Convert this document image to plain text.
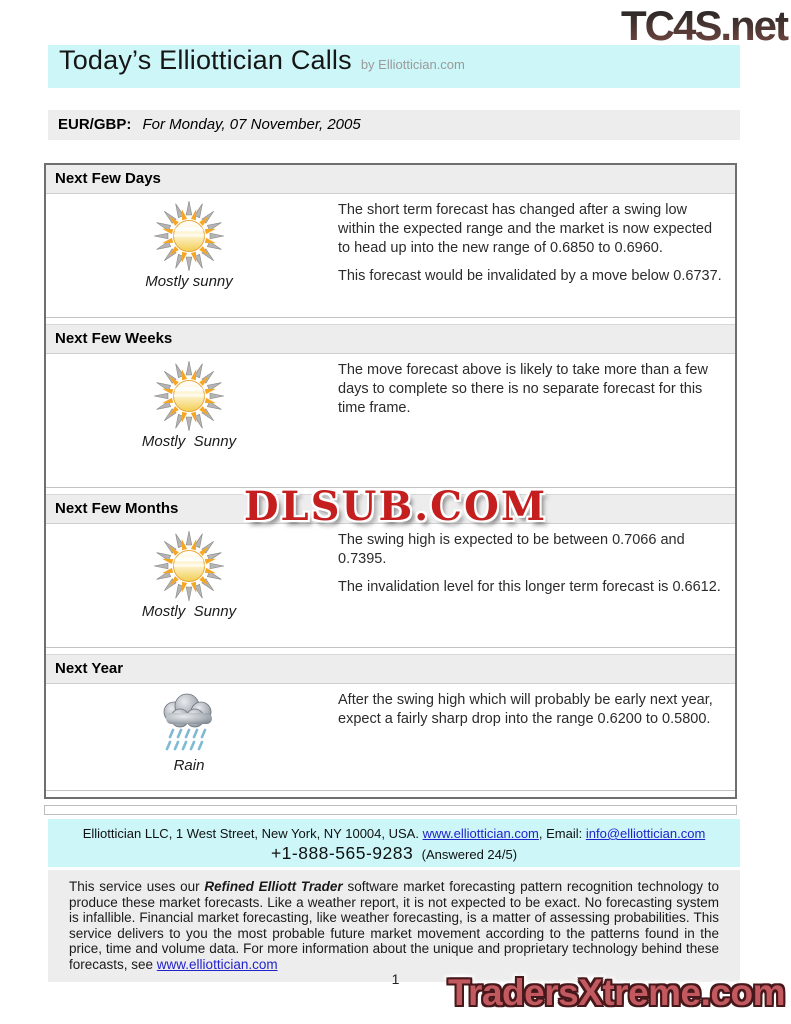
TC4S.net
Today’s Elliottician Calls by Elliottician.com
EUR/GBP: For Monday, 07 November, 2005
Next Few Days
Mostly sunny

The short term forecast has changed after a swing low within the expected range and the market is now expected to head up into the new range of 0.6850 to 0.6960.

This forecast would be invalidated by a move below 0.6737.

Next Few Weeks
Mostly  Sunny

The move forecast above is likely to take more than a few days to complete so there is no separate forecast for this time frame.

Next Few Months
Mostly  Sunny

The swing high is expected to be between 0.7066 and 0.7395.

The invalidation level for this longer term forecast is 0.6612.

Next Year
Rain

After the swing high which will probably be early next year, expect a fairly sharp drop into the range 0.6200 to 0.5800.

DLSUB.COM
Elliottician LLC, 1 West Street, New York, NY 10004, USA. www.elliottician.com, Email: info@elliottician.com
+1-888-565-9283 (Answered 24/5)
This service uses our Refined Elliott Trader software market forecasting pattern recognition technology to produce these market forecasts. Like a weather report, it is not expected to be exact. No forecasting system is infallible. Financial market forecasting, like weather forecasting, is a matter of assessing probabilities. This service delivers to you the most probable future market movement according to the patterns found in the price, time and volume data. For more information about the unique and proprietary technology behind these forecasts, see www.elliottician.com
1	TradersXtreme.com
